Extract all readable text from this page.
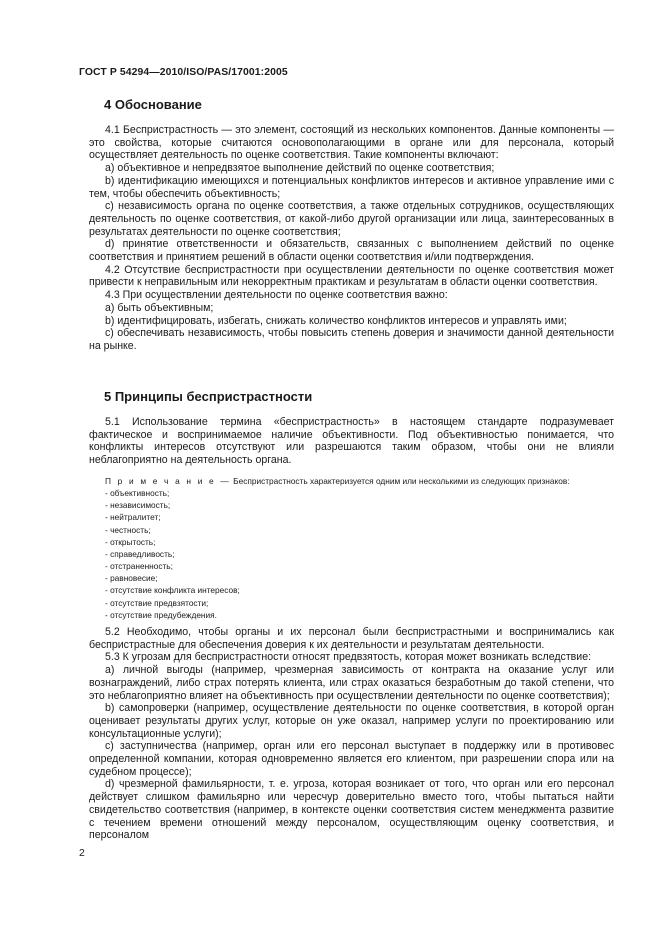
ГОСТ Р 54294—2010/ISO/PAS/17001:2005
4 Обоснование

4.1 Беспристрастность — это элемент, состоящий из нескольких компонентов. Данные компоненты — это свойства, которые считаются основополагающими в органе или для персонала, который осуществляет деятельность по оценке соответствия. Такие компоненты включают:

а) объективное и непредвзятое выполнение действий по оценке соответствия;

b) идентификацию имеющихся и потенциальных конфликтов интересов и активное управление ими с тем, чтобы обеспечить объективность;

с) независимость органа по оценке соответствия, а также отдельных сотрудников, осуществляющих деятельность по оценке соответствия, от какой-либо другой организации или лица, заинтересованных в результатах деятельности по оценке соответствия;

d) принятие ответственности и обязательств, связанных с выполнением действий по оценке соответствия и принятием решений в области оценки соответствия и/или подтверждения.

4.2 Отсутствие беспристрастности при осуществлении деятельности по оценке соответствия может привести к неправильным или некорректным практикам и результатам в области оценки соответствия.

4.3 При осуществлении деятельности по оценке соответствия важно:

а) быть объективным;

b) идентифицировать, избегать, снижать количество конфликтов интересов и управлять ими;

с) обеспечивать независимость, чтобы повысить степень доверия и значимости данной деятельности на рынке.

5 Принципы беспристрастности

5.1 Использование термина «беспристрастность» в настоящем стандарте подразумевает фактическое и воспринимаемое наличие объективности. Под объективностью понимается, что конфликты интересов отсутствуют или разрешаются таким образом, чтобы они не влияли неблагоприятно на деятельность органа.

П р и м е ч а н и е — Беспристрастность характеризуется одним или несколькими из следующих признаков:

- объективность;

- независимость;

- нейтралитет;

- честность;

- открытость;

- справедливость;

- отстраненность;

- равновесие;

- отсутствие конфликта интересов;

- отсутствие предвзятости;

- отсутствие предубеждения.

5.2 Необходимо, чтобы органы и их персонал были беспристрастными и воспринимались как беспристрастные для обеспечения доверия к их деятельности и результатам деятельности.

5.3 К угрозам для беспристрастности относят предвзятость, которая может возникать вследствие:

а) личной выгоды (например, чрезмерная зависимость от контракта на оказание услуг или вознаграждений, либо страх потерять клиента, или страх оказаться безработным до такой степени, что это неблагоприятно влияет на объективность при осуществлении деятельности по оценке соответствия);

b) самопроверки (например, осуществление деятельности по оценке соответствия, в которой орган оценивает результаты других услуг, которые он уже оказал, например услуги по проектированию или консультационные услуги);

с) заступничества (например, орган или его персонал выступает в поддержку или в противовес определенной компании, которая одновременно является его клиентом, при разрешении спора или на судебном процессе);

d) чрезмерной фамильярности, т. е. угроза, которая возникает от того, что орган или его персонал действует слишком фамильярно или чересчур доверительно вместо того, чтобы пытаться найти свидетельство соответствия (например, в контексте оценки соответствия систем менеджмента развитие с течением времени отношений между персоналом, осуществляющим оценку соответствия, и персоналом

2
